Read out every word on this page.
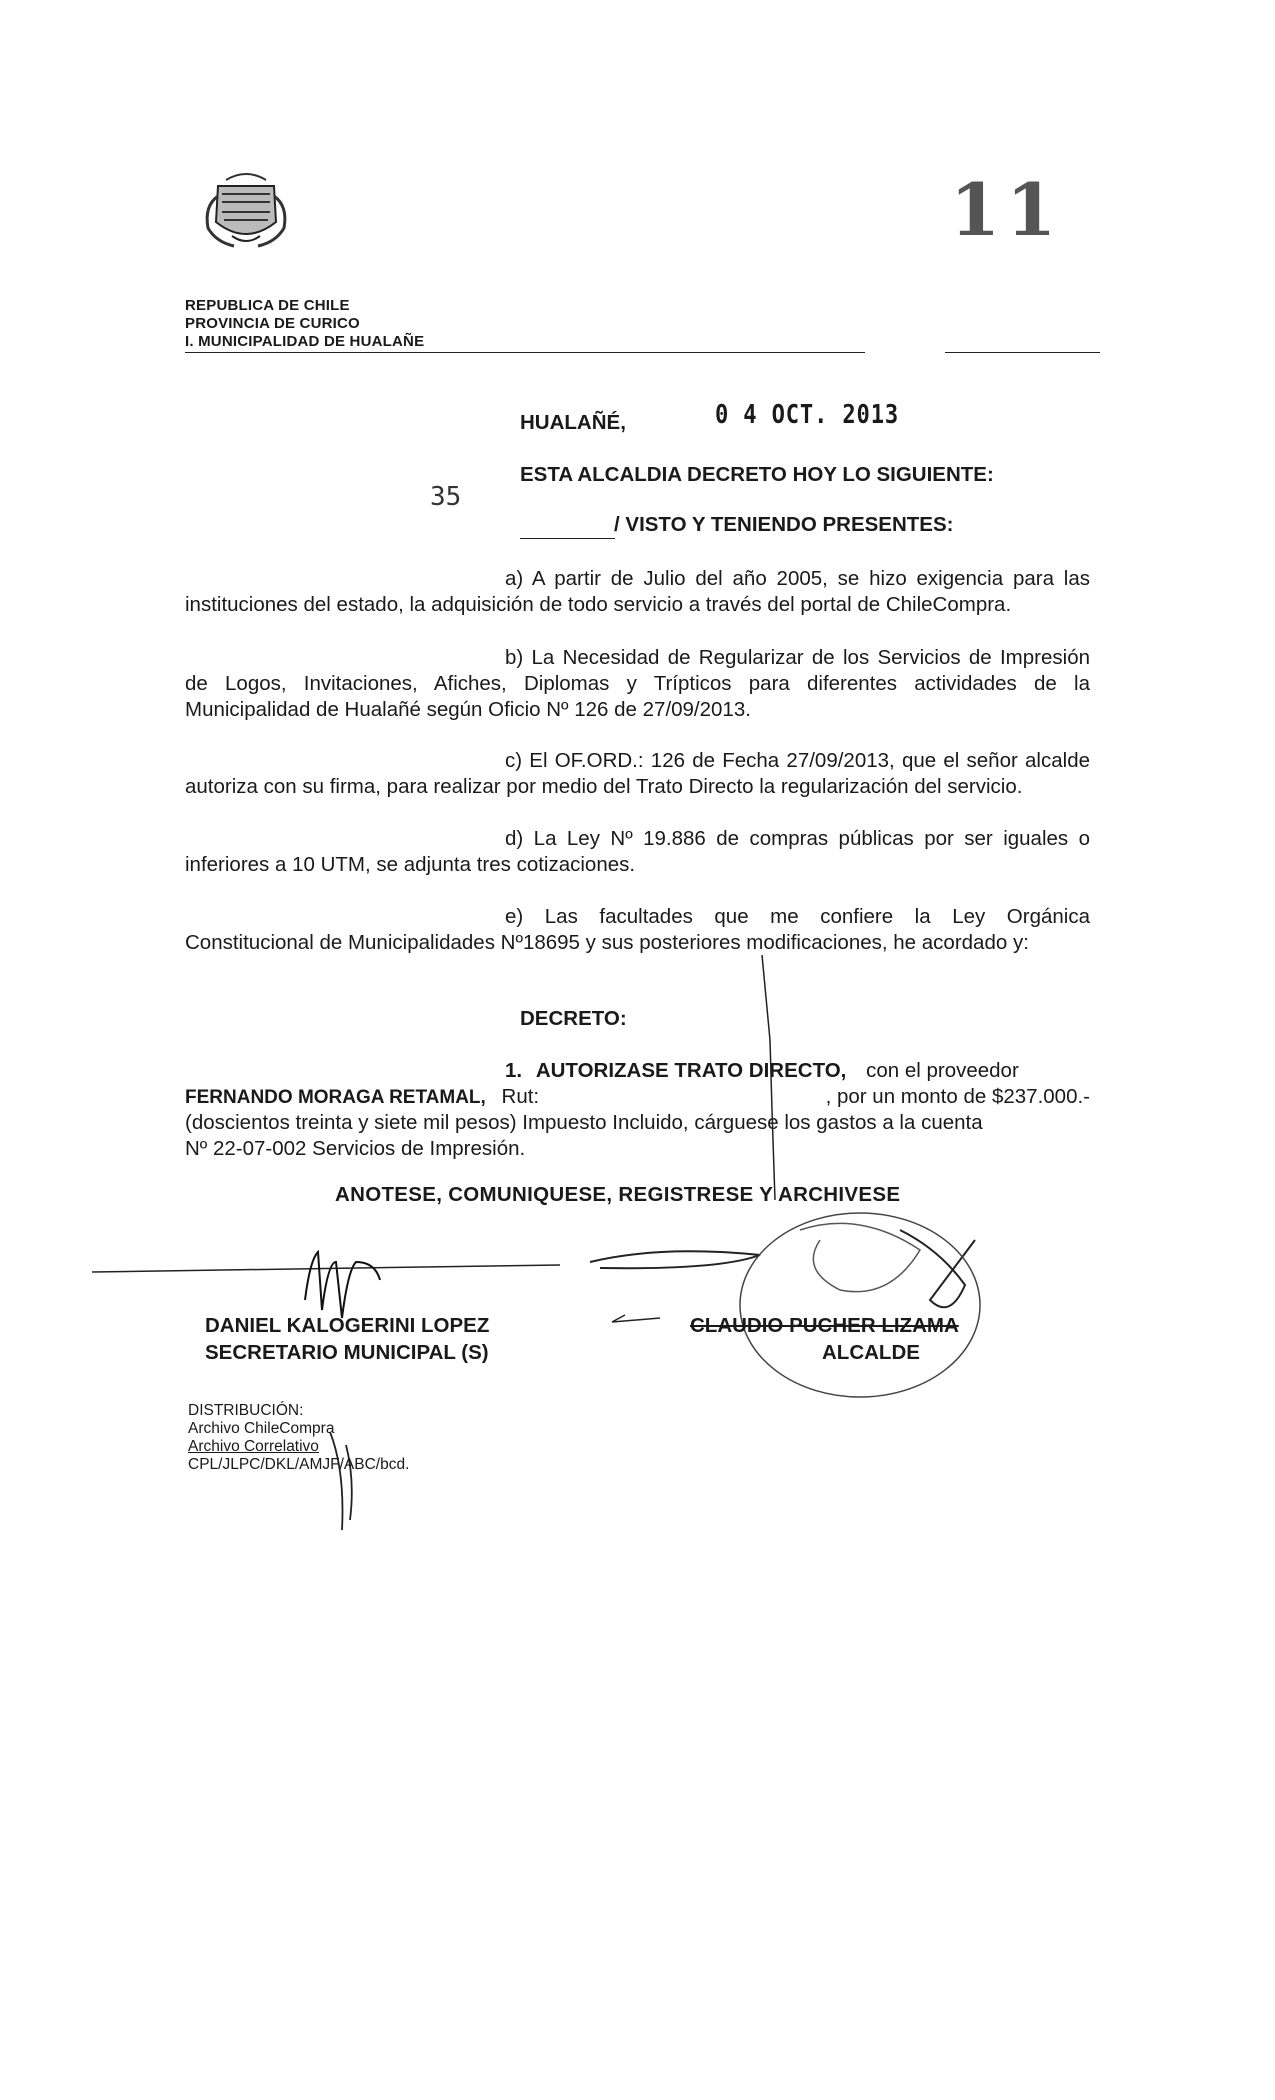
11
REPUBLICA DE CHILE
PROVINCIA DE CURICO
I. MUNICIPALIDAD DE HUALAÑE
HUALAÑÉ,	0 4 OCT. 2013
35
ESTA ALCALDIA DECRETO HOY LO SIGUIENTE:
/ VISTO Y TENIENDO PRESENTES:
a) A partir de Julio del año 2005, se hizo exigencia para las instituciones del estado, la adquisición de todo servicio a través del portal de ChileCompra.
b) La Necesidad de Regularizar de los Servicios de Impresión de Logos, Invitaciones, Afiches, Diplomas y Trípticos para diferentes actividades de la Municipalidad de Hualañé según Oficio Nº 126 de 27/09/2013.
c) El OF.ORD.: 126 de Fecha 27/09/2013, que el señor alcalde autoriza con su firma, para realizar por medio del Trato Directo la regularización del servicio.
d) La Ley Nº 19.886 de compras públicas por ser iguales o inferiores a 10 UTM, se adjunta tres cotizaciones.
e) Las facultades que me confiere la Ley Orgánica Constitucional de Municipalidades Nº18695 y sus posteriores modificaciones, he acordado y:
DECRETO:
1. AUTORIZASE TRATO DIRECTO, con el proveedor
FERNANDO MORAGA RETAMAL, Rut:	, por un monto de $237.000.-
(doscientos treinta y siete mil pesos) Impuesto Incluido, cárguese los gastos a la cuenta
Nº 22-07-002 Servicios de Impresión.
ANOTESE, COMUNIQUESE, REGISTRESE Y ARCHIVESE
DANIEL KALOGERINI LOPEZ
SECRETARIO MUNICIPAL (S)
CLAUDIO PUCHER LIZAMA
ALCALDE
DISTRIBUCIÓN:
Archivo ChileCompra
Archivo Correlativo
CPL/JLPC/DKL/AMJF/ABC/bcd.
